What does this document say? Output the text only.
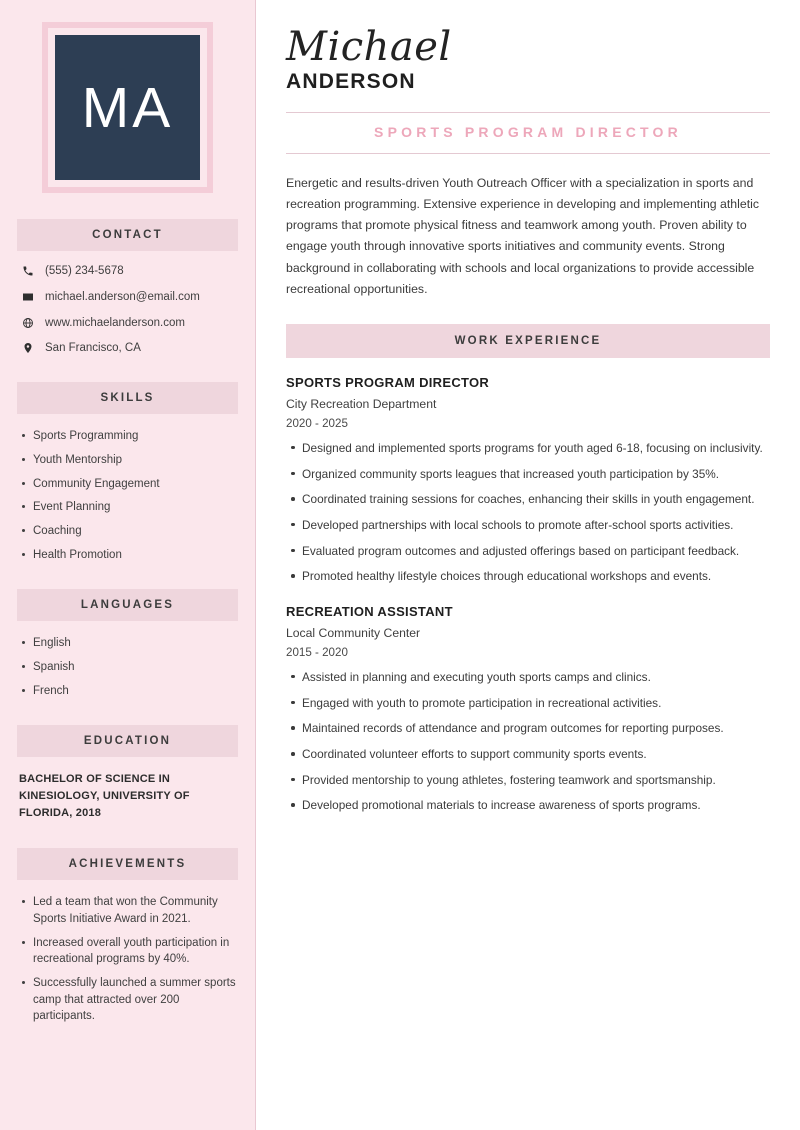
MA
CONTACT
(555) 234-5678
michael.anderson@email.com
www.michaelanderson.com
San Francisco, CA
SKILLS
Sports Programming
Youth Mentorship
Community Engagement
Event Planning
Coaching
Health Promotion
LANGUAGES
English
Spanish
French
EDUCATION
BACHELOR OF SCIENCE IN KINESIOLOGY, UNIVERSITY OF FLORIDA, 2018
ACHIEVEMENTS
Led a team that won the Community Sports Initiative Award in 2021.
Increased overall youth participation in recreational programs by 40%.
Successfully launched a summer sports camp that attracted over 200 participants.
Michael
ANDERSON
SPORTS PROGRAM DIRECTOR

Energetic and results-driven Youth Outreach Officer with a specialization in sports and recreation programming. Extensive experience in developing and implementing athletic programs that promote physical fitness and teamwork among youth. Proven ability to engage youth through innovative sports initiatives and community events. Strong background in collaborating with schools and local organizations to provide accessible recreational opportunities.

WORK EXPERIENCE
SPORTS PROGRAM DIRECTOR
City Recreation Department
2020 - 2025
Designed and implemented sports programs for youth aged 6-18, focusing on inclusivity.
Organized community sports leagues that increased youth participation by 35%.
Coordinated training sessions for coaches, enhancing their skills in youth engagement.
Developed partnerships with local schools to promote after-school sports activities.
Evaluated program outcomes and adjusted offerings based on participant feedback.
Promoted healthy lifestyle choices through educational workshops and events.
RECREATION ASSISTANT
Local Community Center
2015 - 2020
Assisted in planning and executing youth sports camps and clinics.
Engaged with youth to promote participation in recreational activities.
Maintained records of attendance and program outcomes for reporting purposes.
Coordinated volunteer efforts to support community sports events.
Provided mentorship to young athletes, fostering teamwork and sportsmanship.
Developed promotional materials to increase awareness of sports programs.
